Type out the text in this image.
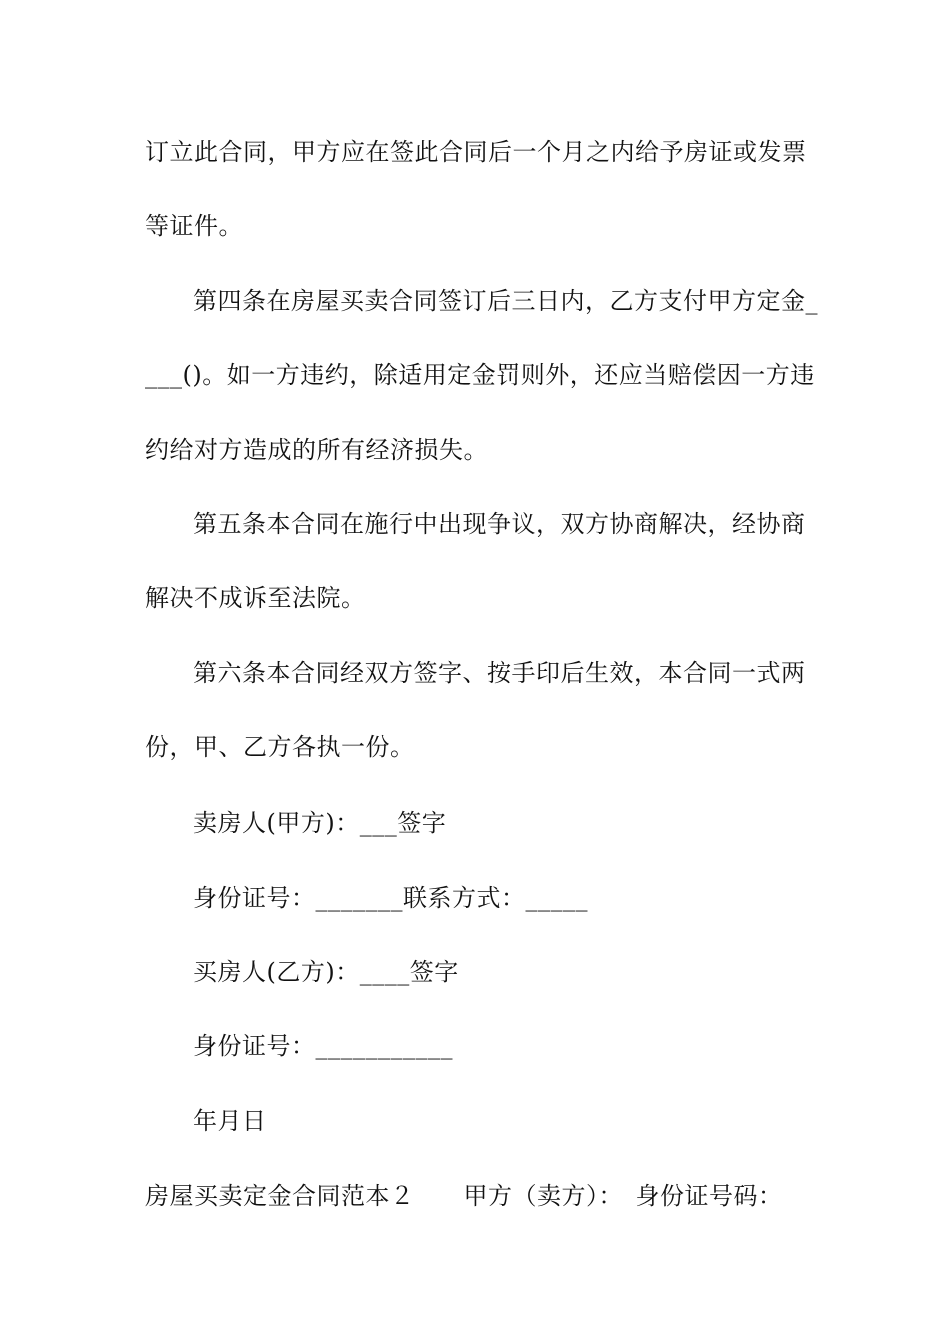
订立此合同，甲方应在签此合同后一个月之内给予房证或发票
等证件。
第四条在房屋买卖合同签订后三日内，乙方支付甲方定金_
___()。如一方违约，除适用定金罚则外，还应当赔偿因一方违
约给对方造成的所有经济损失。
第五条本合同在施行中出现争议，双方协商解决，经协商
解决不成诉至法院。
第六条本合同经双方签字、按手印后生效，本合同一式两
份，甲、乙方各执一份。
卖房人(甲方)：___签字
身份证号：_______联系方式：_____
买房人(乙方)：____签字
身份证号：___________
年月日
房屋买卖定金合同范本２　　甲方（卖方）：　身份证号码：
